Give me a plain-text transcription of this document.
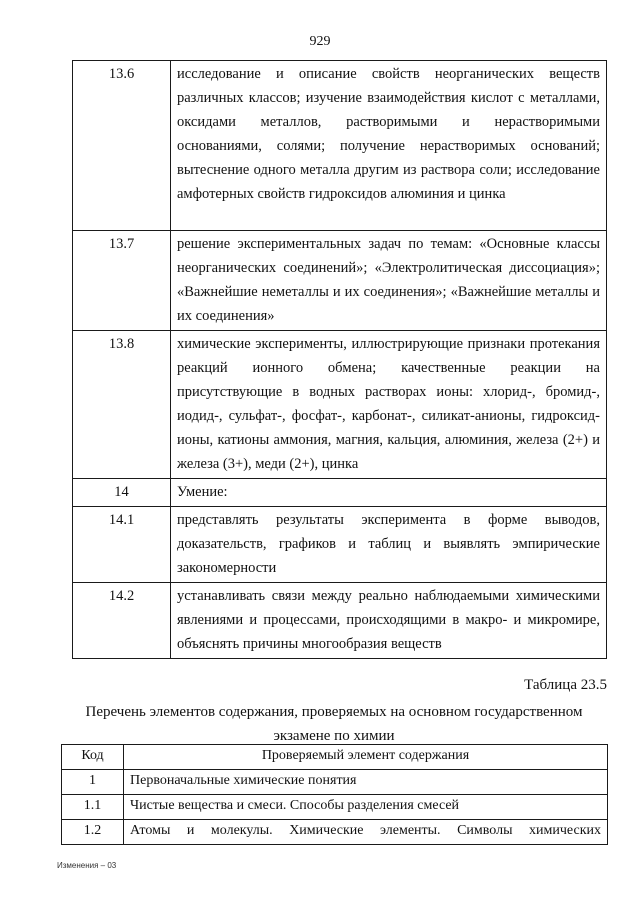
929
13.6	исследование и описание свойств неорганических веществ различных классов; изучение взаимодействия кислот с металлами, оксидами металлов, растворимыми и нерастворимыми основаниями, солями; получение нерастворимых оснований; вытеснение одного металла другим из раствора соли; исследование амфотерных свойств гидроксидов алюминия и цинка
13.7	решение экспериментальных задач по темам: «Основные классы неорганических соединений»; «Электролитическая диссоциация»; «Важнейшие неметаллы и их соединения»; «Важнейшие металлы и их соединения»
13.8	химические эксперименты, иллюстрирующие признаки протекания реакций ионного обмена; качественные реакции на присутствующие в водных растворах ионы: хлорид-, бромид-, иодид-, сульфат-, фосфат-, карбонат-, силикат-анионы, гидроксид-ионы, катионы аммония, магния, кальция, алюминия, железа (2+) и железа (3+), меди (2+), цинка
14	Умение:
14.1	представлять результаты эксперимента в форме выводов, доказательств, графиков и таблиц и выявлять эмпирические закономерности
14.2	устанавливать связи между реально наблюдаемыми химическими явлениями и процессами, происходящими в макро- и микромире, объяснять причины многообразия веществ
Таблица 23.5
Перечень элементов содержания, проверяемых на основном государственном экзамене по химии
Код	Проверяемый элемент содержания
1	Первоначальные химические понятия
1.1	Чистые вещества и смеси. Способы разделения смесей
1.2	Атомы и молекулы. Химические элементы. Символы химических
Изменения – 03
